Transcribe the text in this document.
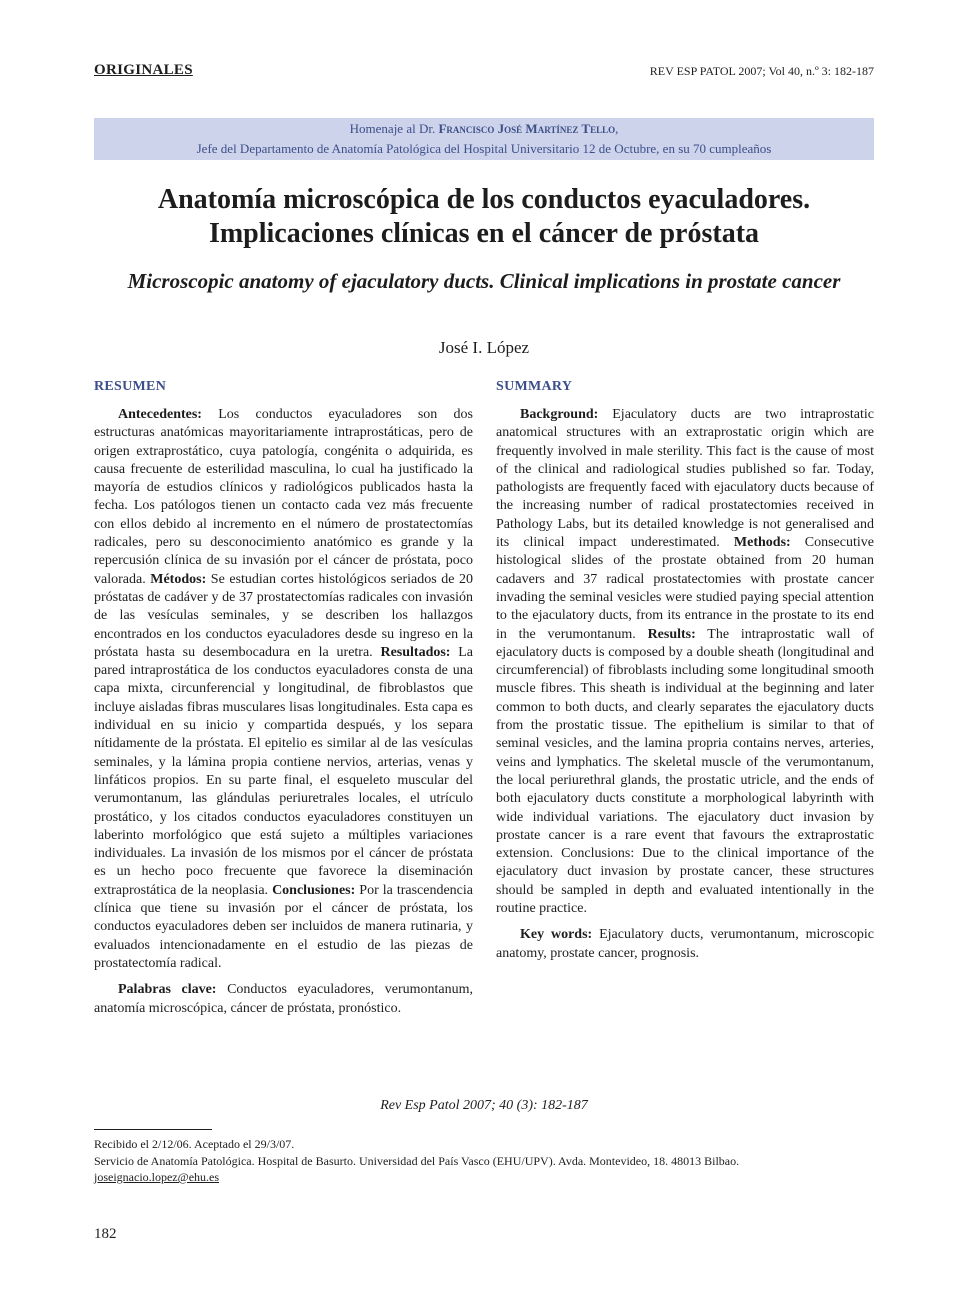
ORIGINALES	REV ESP PATOL 2007; Vol 40, n.º 3: 182-187
Homenaje al Dr. Francisco José Martínez Tello,
Jefe del Departamento de Anatomía Patológica del Hospital Universitario 12 de Octubre, en su 70 cumpleaños
Anatomía microscópica de los conductos eyaculadores.
Implicaciones clínicas en el cáncer de próstata
Microscopic anatomy of ejaculatory ducts. Clinical implications in prostate cancer
José I. López
RESUMEN

Antecedentes: Los conductos eyaculadores son dos estructuras anatómicas mayoritariamente intraprostáticas, pero de origen extraprostático, cuya patología, congénita o adquirida, es causa frecuente de esterilidad masculina, lo cual ha justificado la mayoría de estudios clínicos y radiológicos publicados hasta la fecha. Los patólogos tienen un contacto cada vez más frecuente con ellos debido al incremento en el número de prostatectomías radicales, pero su desconocimiento anatómico es grande y la repercusión clínica de su invasión por el cáncer de próstata, poco valorada. Métodos: Se estudian cortes histológicos seriados de 20 próstatas de cadáver y de 37 prostatectomías radicales con invasión de las vesículas seminales, y se describen los hallazgos encontrados en los conductos eyaculadores desde su ingreso en la próstata hasta su desembocadura en la uretra. Resultados: La pared intraprostática de los conductos eyaculadores consta de una capa mixta, circunferencial y longitudinal, de fibroblastos que incluye aisladas fibras musculares lisas longitudinales. Esta capa es individual en su inicio y compartida después, y los separa nítidamente de la próstata. El epitelio es similar al de las vesículas seminales, y la lámina propia contiene nervios, arterias, venas y linfáticos propios. En su parte final, el esqueleto muscular del verumontanum, las glándulas periuretrales locales, el utrículo prostático, y los citados conductos eyaculadores constituyen un laberinto morfológico que está sujeto a múltiples variaciones individuales. La invasión de los mismos por el cáncer de próstata es un hecho poco frecuente que favorece la diseminación extraprostática de la neoplasia. Conclusiones: Por la trascendencia clínica que tiene su invasión por el cáncer de próstata, los conductos eyaculadores deben ser incluidos de manera rutinaria, y evaluados intencionadamente en el estudio de las piezas de prostatectomía radical.

Palabras clave: Conductos eyaculadores, verumontanum, anatomía microscópica, cáncer de próstata, pronóstico.

SUMMARY

Background: Ejaculatory ducts are two intraprostatic anatomical structures with an extraprostatic origin which are frequently involved in male sterility. This fact is the cause of most of the clinical and radiological studies published so far. Today, pathologists are frequently faced with ejaculatory ducts because of the increasing number of radical prostatectomies received in Pathology Labs, but its detailed knowledge is not generalised and its clinical impact underestimated. Methods: Consecutive histological slides of the prostate obtained from 20 human cadavers and 37 radical prostatectomies with prostate cancer invading the seminal vesicles were studied paying special attention to the ejaculatory ducts, from its entrance in the prostate to its end in the verumontanum. Results: The intraprostatic wall of ejaculatory ducts is composed by a double sheath (longitudinal and circumferencial) of fibroblasts including some longitudinal smooth muscle fibres. This sheath is individual at the beginning and later common to both ducts, and clearly separates the ejaculatory ducts from the prostatic tissue. The epithelium is similar to that of seminal vesicles, and the lamina propria contains nerves, arteries, veins and lymphatics. The skeletal muscle of the verumontanum, the local periurethral glands, the prostatic utricle, and the ends of both ejaculatory ducts constitute a morphological labyrinth with wide individual variations. The ejaculatory duct invasion by prostate cancer is a rare event that favours the extraprostatic extension. Conclusions: Due to the clinical importance of the ejaculatory duct invasion by prostate cancer, these structures should be sampled in depth and evaluated intentionally in the routine practice.

Key words: Ejaculatory ducts, verumontanum, microscopic anatomy, prostate cancer, prognosis.

Rev Esp Patol 2007; 40 (3): 182-187
Recibido el 2/12/06. Aceptado el 29/3/07.
Servicio de Anatomía Patológica. Hospital de Basurto. Universidad del País Vasco (EHU/UPV). Avda. Montevideo, 18. 48013 Bilbao.
joseignacio.lopez@ehu.es
182
